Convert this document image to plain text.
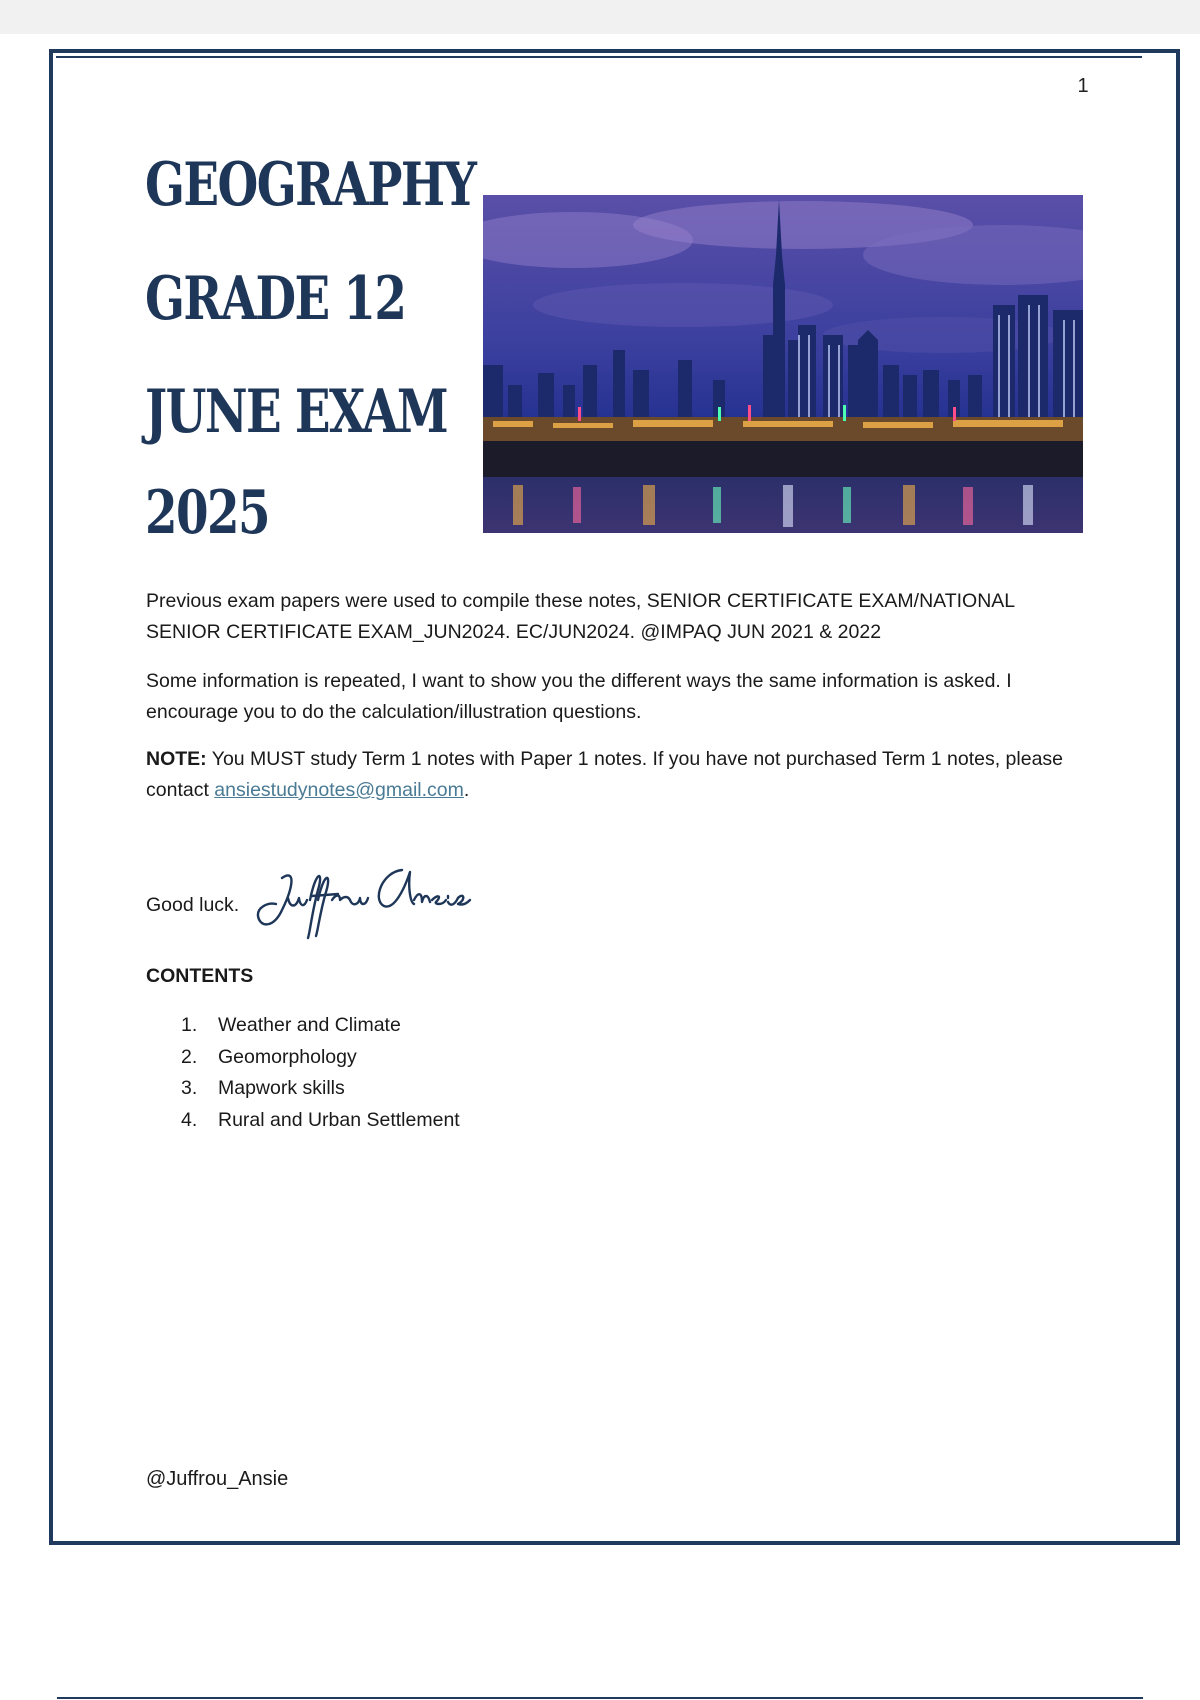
1
GEOGRAPHY
GRADE 12
JUNE EXAM
2025
Previous exam papers were used to compile these notes, SENIOR CERTIFICATE EXAM/NATIONAL SENIOR CERTIFICATE EXAM_JUN2024. EC/JUN2024. @IMPAQ JUN 2021 & 2022
Some information is repeated, I want to show you the different ways the same information is asked. I encourage you to do the calculation/illustration questions.
NOTE: You MUST study Term 1 notes with Paper 1 notes. If you have not purchased Term 1 notes, please contact ansiestudynotes@gmail.com.
Good luck.
CONTENTS
1. Weather and Climate
2. Geomorphology
3. Mapwork skills
4. Rural and Urban Settlement
@Juffrou_Ansie
